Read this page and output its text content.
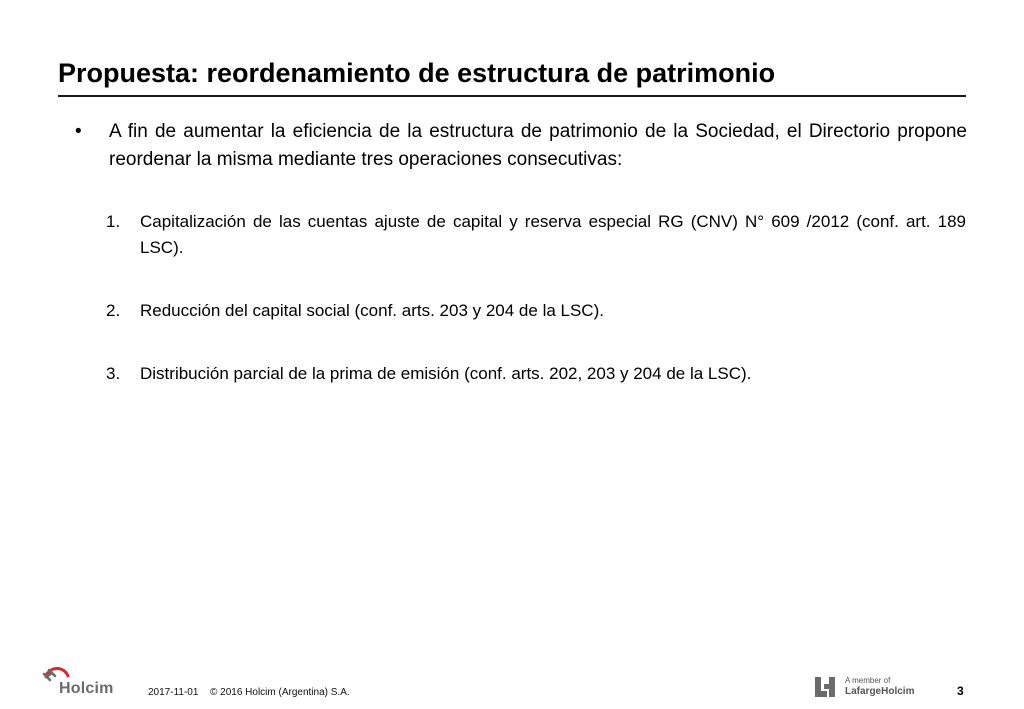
Propuesta: reordenamiento de estructura de patrimonio
• A fin de aumentar la eficiencia de la estructura de patrimonio de la Sociedad, el Directorio propone reordenar la misma mediante tres operaciones consecutivas:
1. Capitalización de las cuentas ajuste de capital y reserva especial RG (CNV) N° 609 /2012 (conf. art. 189 LSC).
2. Reducción del capital social (conf. arts. 203 y 204 de la LSC).
3. Distribución parcial de la prima de emisión (conf. arts. 202, 203 y 204 de la LSC).
Holcim	2017-11-01 © 2016 Holcim (Argentina) S.A.
A member of
LafargeHolcim	3
